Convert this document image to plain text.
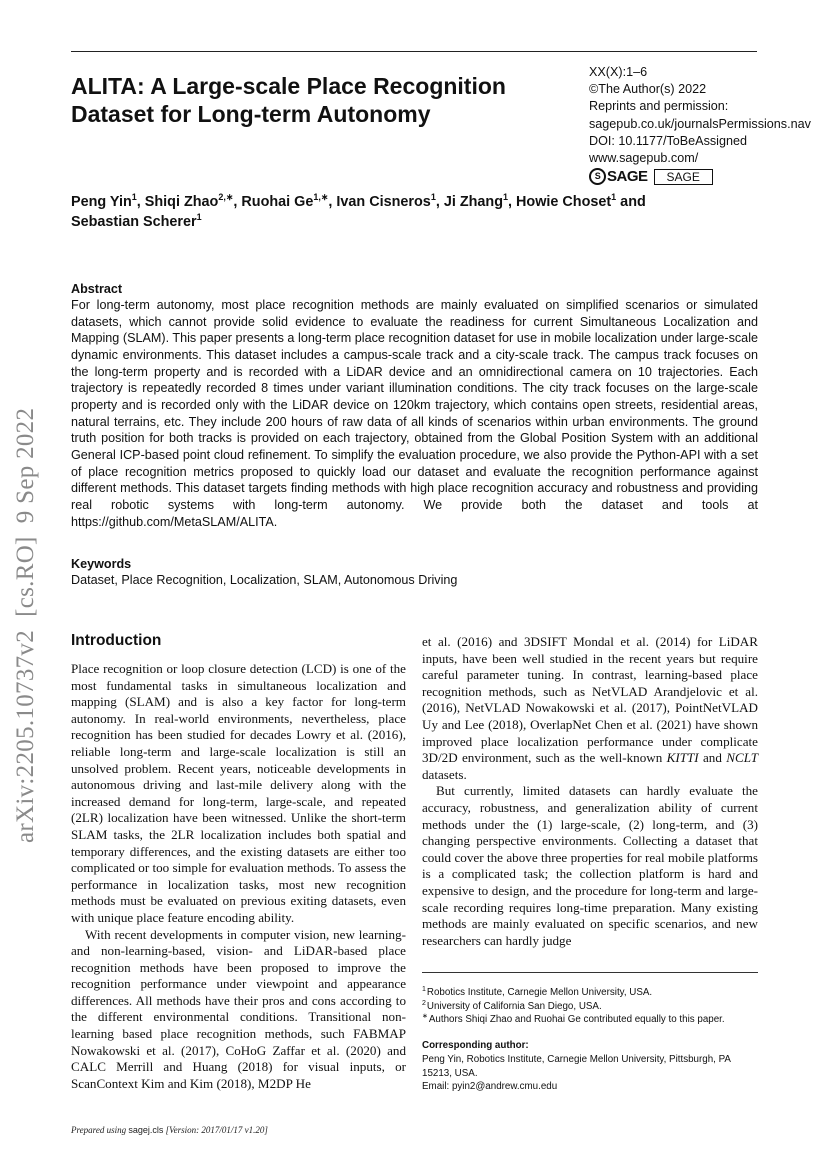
ALITA: A Large-scale Place Recognition Dataset for Long-term Autonomy
XX(X):1–6
©The Author(s) 2022
Reprints and permission:
sagepub.co.uk/journalsPermissions.nav
DOI: 10.1177/ToBeAssigned
www.sagepub.com/
S SAGE	SAGE
Peng Yin$^1$, Shiqi Zhao$^{2,∗}$, Ruohai $Ge^{1,∗}$, Ivan Cisneros$^1$, Ji Zhang$^1$, Howie Choset$^1$ and
Sebastian Scherer$^1$
Abstract
For long-term autonomy, most place recognition methods are mainly evaluated on simplified scenarios or simulated datasets, which cannot provide solid evidence to evaluate the readiness for current Simultaneous Localization and Mapping (SLAM). This paper presents a long-term place recognition dataset for use in mobile localization under large-scale dynamic environments. This dataset includes a campus-scale track and a city-scale track. The campus track focuses on the long-term property and is recorded with a LiDAR device and an omnidirectional camera on 10 trajectories. Each trajectory is repeatedly recorded 8 times under variant illumination conditions. The city track focuses on the large-scale property and is recorded only with the LiDAR device on 120km trajectory, which contains open streets, residential areas, natural terrains, etc. They include 200 hours of raw data of all kinds of scenarios within urban environments. The ground truth position for both tracks is provided on each trajectory, obtained from the Global Position System with an additional General ICP-based point cloud refinement. To simplify the evaluation procedure, we also provide the Python-API with a set of place recognition metrics proposed to quickly load our dataset and evaluate the recognition performance against different methods. This dataset targets finding methods with high place recognition accuracy and robustness and providing real robotic systems with long-term autonomy. We provide both the dataset and tools at https://github.com/MetaSLAM/ALITA.
Keywords
Dataset, Place Recognition, Localization, SLAM, Autonomous Driving
Introduction

Place recognition or loop closure detection (LCD) is one of the most fundamental tasks in simultaneous localization and mapping (SLAM) and is also a key factor for long-term autonomy. In real-world environments, nevertheless, place recognition has been studied for decades Lowry et al. (2016), reliable long-term and large-scale localization is still an unsolved problem. Recent years, noticeable developments in autonomous driving and last-mile delivery along with the increased demand for long-term, large-scale, and repeated (2LR) localization have been witnessed. Unlike the short-term SLAM tasks, the 2LR localization includes both spatial and temporary differences, and the existing datasets are either too complicated or too simple for evaluation methods. To assess the performance in localization tasks, most new recognition methods must be evaluated on previous exiting datasets, even with unique place feature encoding ability.

With recent developments in computer vision, new learning- and non-learning-based, vision- and LiDAR-based place recognition methods have been proposed to improve the recognition performance under viewpoint and appearance differences. All methods have their pros and cons according to the different environmental conditions. Transitional non-learning based place recognition methods, such FABMAP Nowakowski et al. (2017), CoHoG Zaffar et al. (2020) and CALC Merrill and Huang (2018) for visual inputs, or ScanContext Kim and Kim (2018), M2DP He

et al. (2016) and 3DSIFT Mondal et al. (2014) for LiDAR inputs, have been well studied in the recent years but require careful parameter tuning. In contrast, learning-based place recognition methods, such as NetVLAD Arandjelovic et al. (2016), NetVLAD Nowakowski et al. (2017), PointNetVLAD Uy and Lee (2018), OverlapNet Chen et al. (2021) have shown improved place localization performance under complicate 3D/2D environment, such as the well-known KITTI and NCLT datasets.

But currently, limited datasets can hardly evaluate the accuracy, robustness, and generalization ability of current methods under the (1) large-scale, (2) long-term, and (3) changing perspective environments. Collecting a dataset that could cover the above three properties for real mobile platforms is a complicated task; the collection platform is hard and expensive to design, and the procedure for long-term and large-scale recording requires long-time preparation. Many existing methods are mainly evaluated on specific scenarios, and new researchers can hardly judge

$^1$Robotics Institute, Carnegie Mellon University, USA.
$^2$University of California San Diego, USA.
∗Authors Shiqi Zhao and Ruohai Ge contributed equally to this paper.
Corresponding author:
Peng Yin, Robotics Institute, Carnegie Mellon University, Pittsburgh, PA 15213, USA.
Email: pyin2@andrew.cmu.edu
Prepared using sagej.cls [Version: 2017/01/17 v1.20]
arXiv:2205.10737v2  [cs.RO]  9 Sep 2022
